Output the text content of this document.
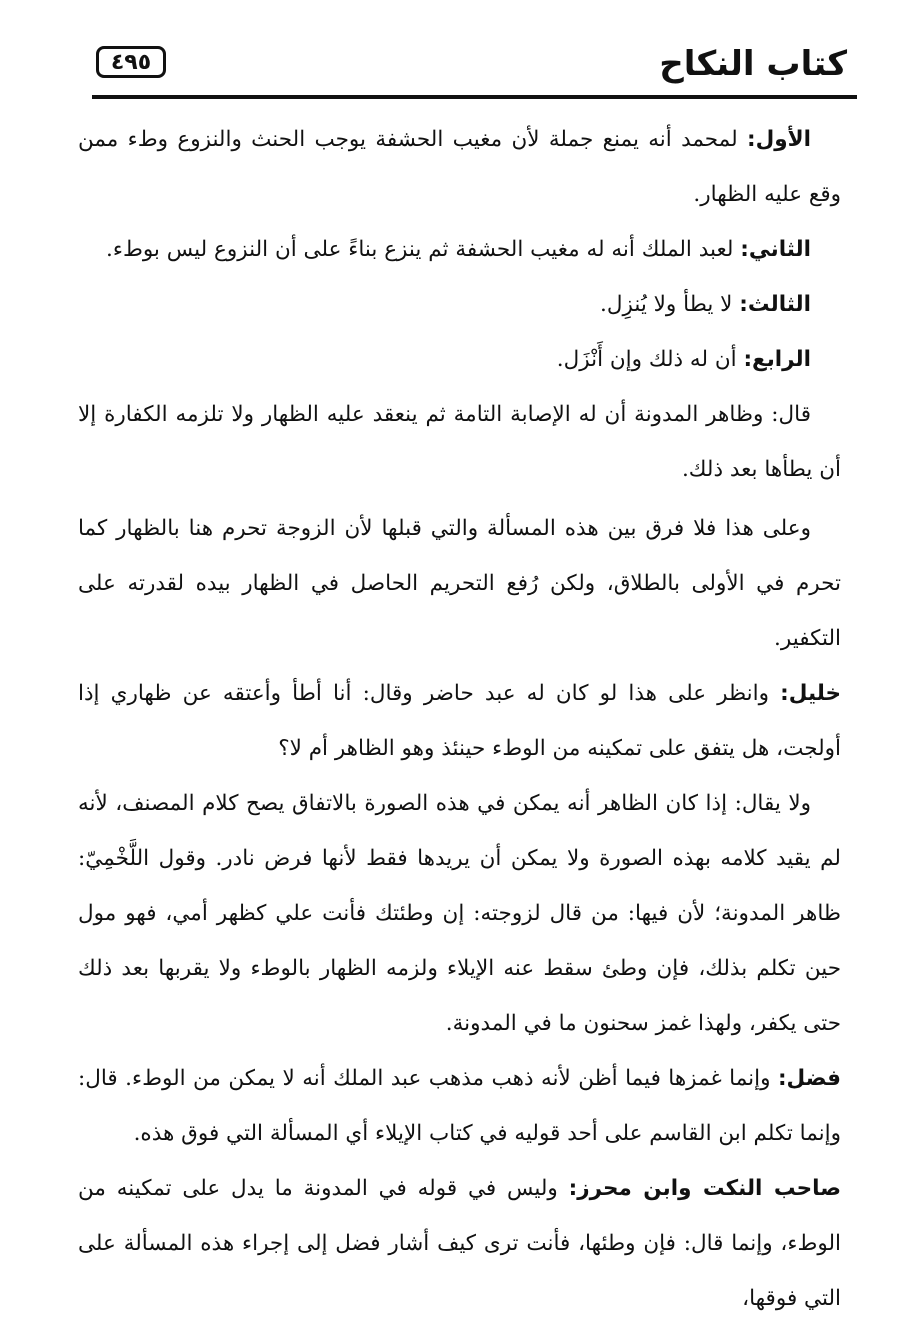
كتاب النكاح
٤٩٥

الأول: لمحمد أنه يمنع جملة لأن مغيب الحشفة يوجب الحنث والنزوع وطء ممن وقع عليه الظهار.

الثاني: لعبد الملك أنه له مغيب الحشفة ثم ينزع بناءً على أن النزوع ليس بوطء.

الثالث: لا يطأ ولا يُنزِل.

الرابع: أن له ذلك وإن أَنْزَل.

قال: وظاهر المدونة أن له الإصابة التامة ثم ينعقد عليه الظهار ولا تلزمه الكفارة إلا أن يطأها بعد ذلك.

وعلى هذا فلا فرق بين هذه المسألة والتي قبلها لأن الزوجة تحرم هنا بالظهار كما تحرم في الأولى بالطلاق، ولكن رُفع التحريم الحاصل في الظهار بيده لقدرته على التكفير.

خليل: وانظر على هذا لو كان له عبد حاضر وقال: أنا أطأ وأعتقه عن ظهاري إذا أولجت، هل يتفق على تمكينه من الوطء حينئذ وهو الظاهر أم لا؟

ولا يقال: إذا كان الظاهر أنه يمكن في هذه الصورة بالاتفاق يصح كلام المصنف، لأنه لم يقيد كلامه بهذه الصورة ولا يمكن أن يريدها فقط لأنها فرض نادر. وقول اللَّخْمِيّ: ظاهر المدونة؛ لأن فيها: من قال لزوجته: إن وطئتك فأنت علي كظهر أمي، فهو مول حين تكلم بذلك، فإن وطئ سقط عنه الإيلاء ولزمه الظهار بالوطء ولا يقربها بعد ذلك حتى يكفر، ولهذا غمز سحنون ما في المدونة.

فضل: وإنما غمزها فيما أظن لأنه ذهب مذهب عبد الملك أنه لا يمكن من الوطء. قال: وإنما تكلم ابن القاسم على أحد قوليه في كتاب الإيلاء أي المسألة التي فوق هذه.

صاحب النكت وابن محرز: وليس في قوله في المدونة ما يدل على تمكينه من الوطء، وإنما قال: فإن وطئها، فأنت ترى كيف أشار فضل إلى إجراء هذه المسألة على التي فوقها،
